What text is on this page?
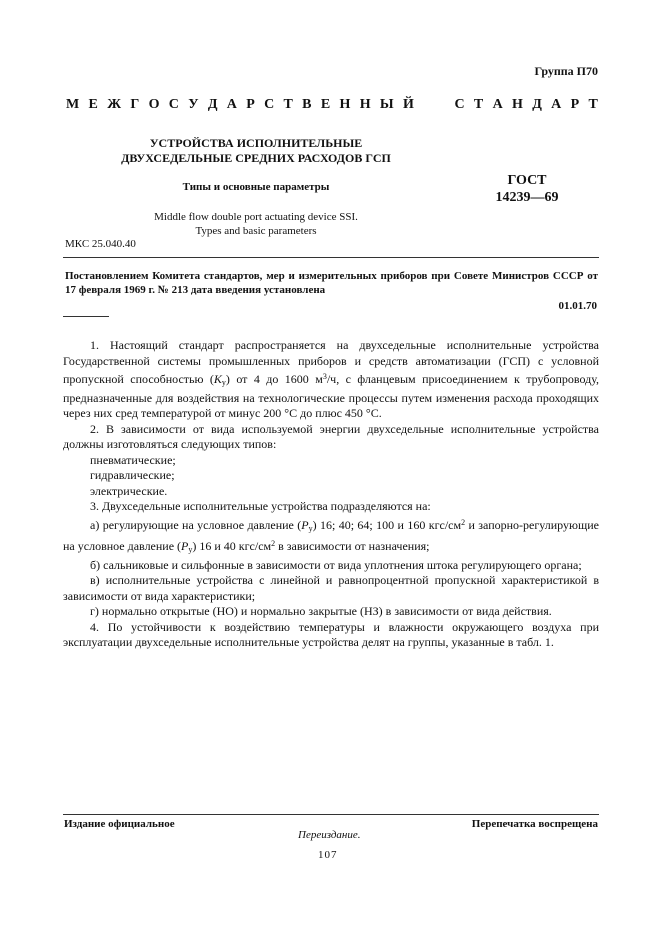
Группа П70
М Е Ж Г О С У Д А Р С Т В Е Н Н Ы Й	С Т А Н Д А Р Т
УСТРОЙСТВА ИСПОЛНИТЕЛЬНЫЕ
ДВУХСЕДЕЛЬНЫЕ СРЕДНИХ РАСХОДОВ ГСП
Типы и основные параметры
Middle flow double port actuating device SSI.
Types and basic parameters
ГОСТ
14239—69
МКС 25.040.40
Постановлением Комитета стандартов, мер и измерительных приборов при Совете Министров СССР от 17 февраля 1969 г. № 213 дата введения установлена
01.01.70

1. Настоящий стандарт распространяется на двухседельные исполнительные устройства Государственной системы промышленных приборов и средств автоматизации (ГСП) с условной пропускной способностью $(K_у)$ от 4 до 1600 $м^3/ч$, с фланцевым присоединением к трубопроводу, предназначенные для воздействия на технологические процессы путем изменения расхода проходящих через них сред температурой от минус 200 °С до плюс 450 °С.

2. В зависимости от вида используемой энергии двухседельные исполнительные устройства должны изготовляться следующих типов:

пневматические;

гидравлические;

электрические.

3. Двухседельные исполнительные устройства подразделяются на:

а) регулирующие на условное давление $(P_у)$ 16; 40; 64; 100 и 160 кгс/$см^2$ и запорно-регулирующие на условное давление $(P_у)$ 16 и 40 кгс/$см^2$ в зависимости от назначения;

б) сальниковые и сильфонные в зависимости от вида уплотнения штока регулирующего органа;

в) исполнительные устройства с линейной и равнопроцентной пропускной характеристикой в зависимости от вида характеристики;

г) нормально открытые (НО) и нормально закрытые (НЗ) в зависимости от вида действия.

4. По устойчивости к воздействию температуры и влажности окружающего воздуха при эксплуатации двухседельные исполнительные устройства делят на группы, указанные в табл. 1.

Издание официальное	Перепечатка воспрещена
Переиздание.
107
